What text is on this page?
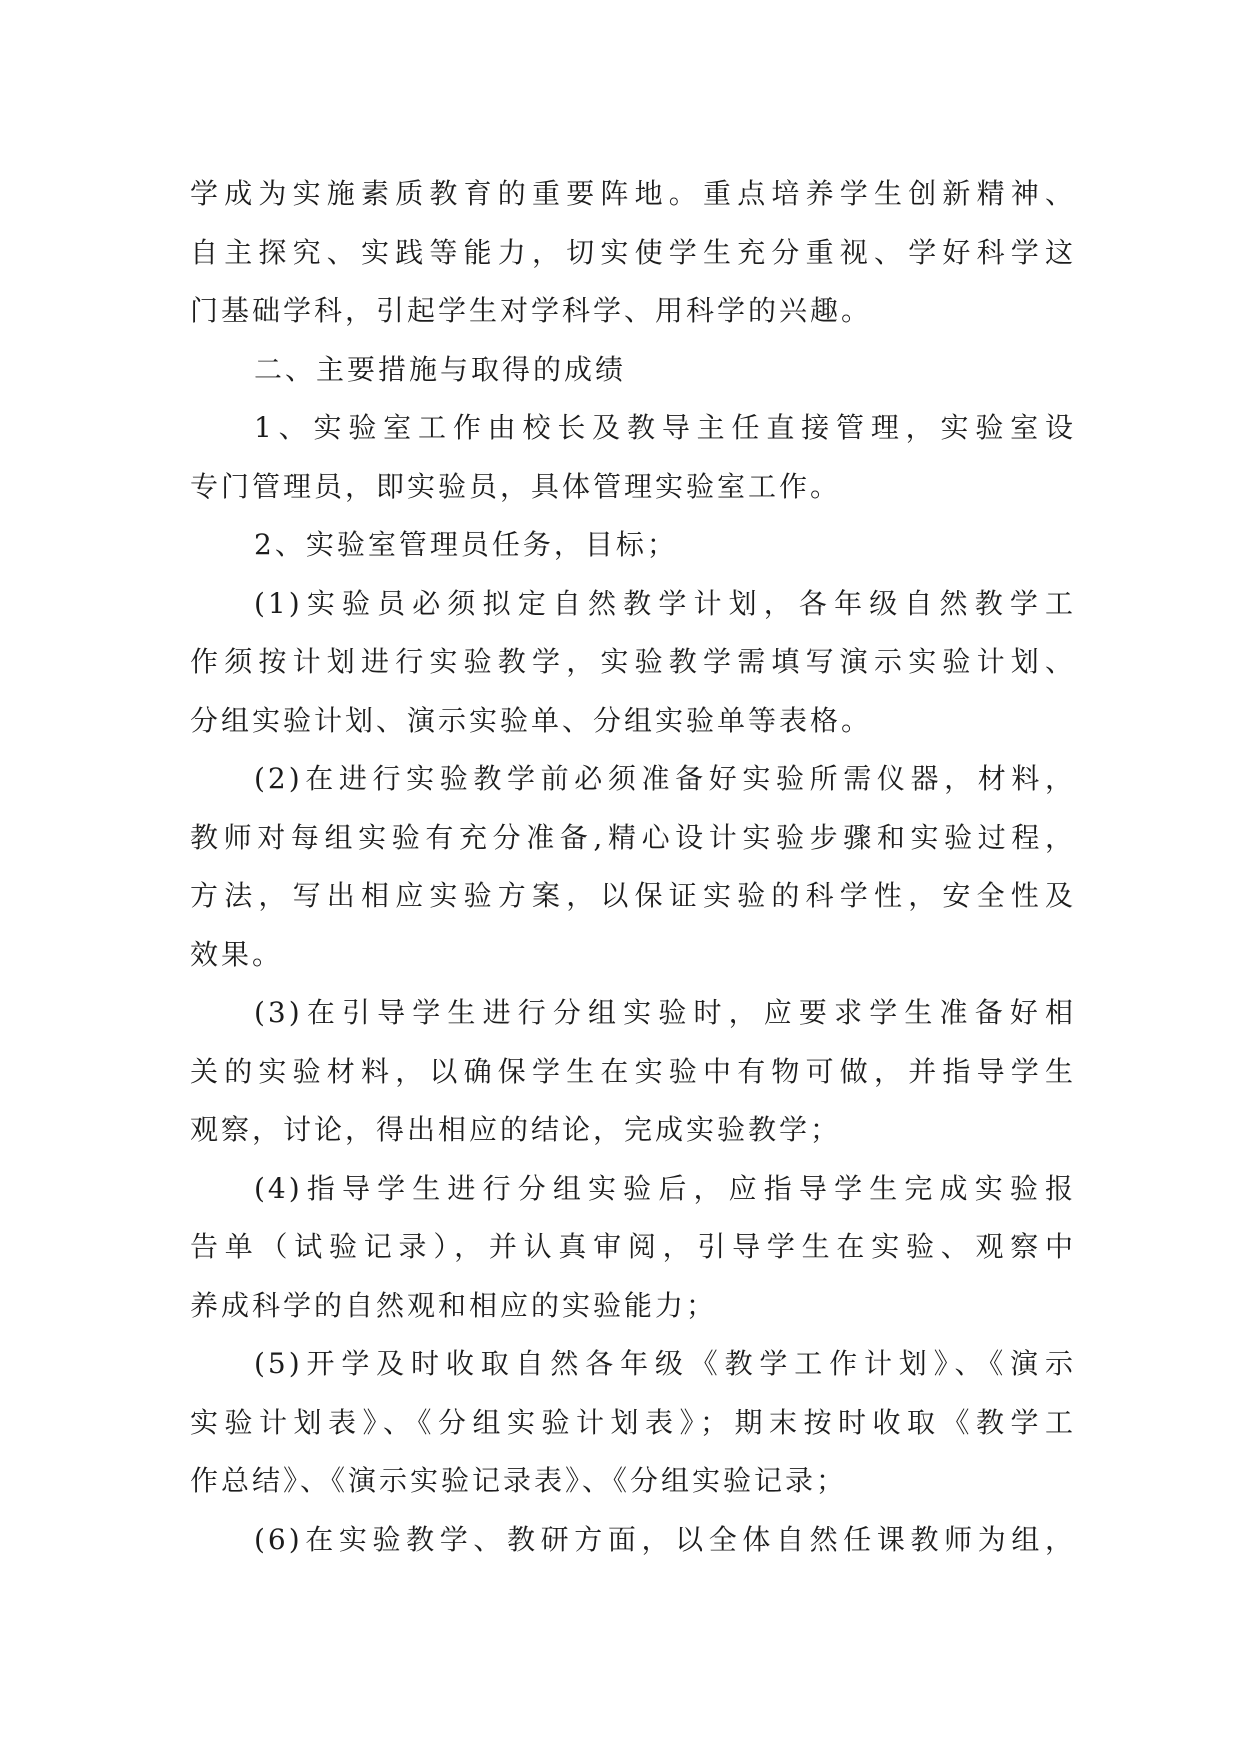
学成为实施素质教育的重要阵地。重点培养学生创新精神、
自主探究、实践等能力，切实使学生充分重视、学好科学这
门基础学科，引起学生对学科学、用科学的兴趣。
二、主要措施与取得的成绩
1、实验室工作由校长及教导主任直接管理，实验室设
专门管理员，即实验员，具体管理实验室工作。
2、实验室管理员任务，目标；
(1)实验员必须拟定自然教学计划，各年级自然教学工
作须按计划进行实验教学，实验教学需填写演示实验计划、
分组实验计划、演示实验单、分组实验单等表格。
(2)在进行实验教学前必须准备好实验所需仪器，材料，
教师对每组实验有充分准备,精心设计实验步骤和实验过程，
方法，写出相应实验方案，以保证实验的科学性，安全性及
效果。
(3)在引导学生进行分组实验时，应要求学生准备好相
关的实验材料，以确保学生在实验中有物可做，并指导学生
观察，讨论，得出相应的结论，完成实验教学；
(4)指导学生进行分组实验后，应指导学生完成实验报
告单（试验记录），并认真审阅，引导学生在实验、观察中
养成科学的自然观和相应的实验能力；
(5)开学及时收取自然各年级《教学工作计划》、《演示
实验计划表》、《分组实验计划表》；期末按时收取《教学工
作总结》、《演示实验记录表》、《分组实验记录；
(6)在实验教学、教研方面，以全体自然任课教师为组，
